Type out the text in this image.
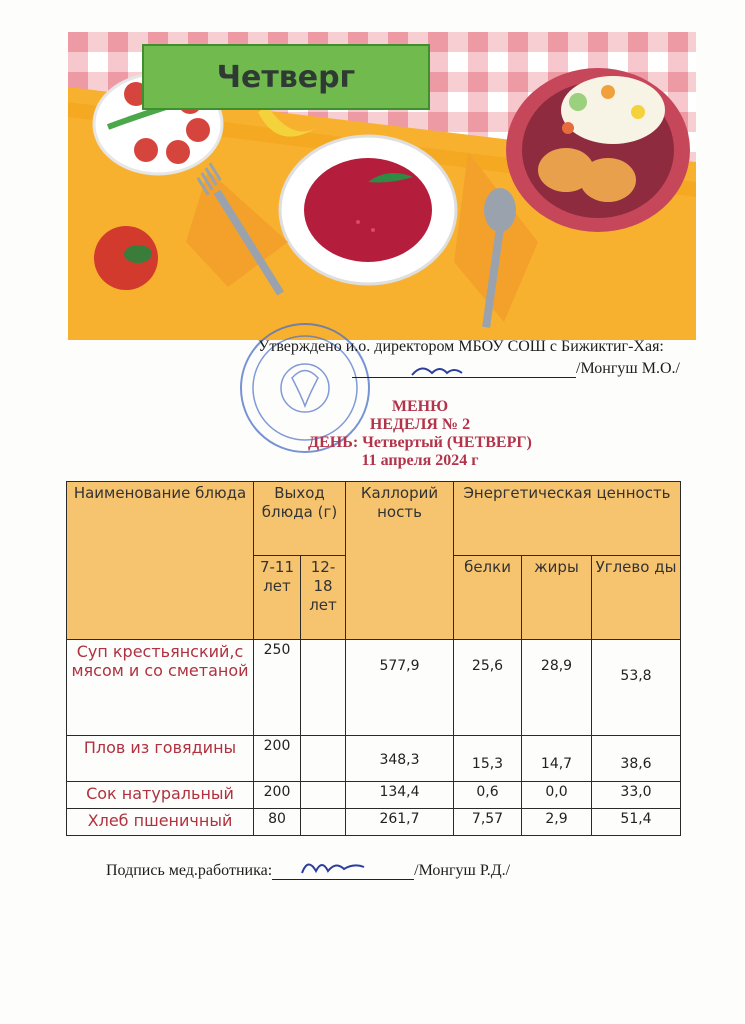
Четверг
Утверждено и.о. директором МБОУ СОШ с Бижиктиг-Хая:
/Монгуш М.О./
МЕНЮ
НЕДЕЛЯ № 2
ДЕНЬ: Четвертый (ЧЕТВЕРГ)
11 апреля 2024 г
Наименование блюда	Выход блюда (г)		Каллорий ность	Энергетическая ценность		
	7-11 лет	12-18 лет		белки	жиры	Углево ды
Суп крестьянский,с мясом и со сметаной	250		577,9	25,6	28,9	53,8
Плов из говядины	200		348,3	15,3	14,7	38,6
Сок натуральный	200		134,4	0,6	0,0	33,0
Хлеб пшеничный	80		261,7	7,57	2,9	51,4
Подпись мед.работника:	/Монгуш Р.Д./
